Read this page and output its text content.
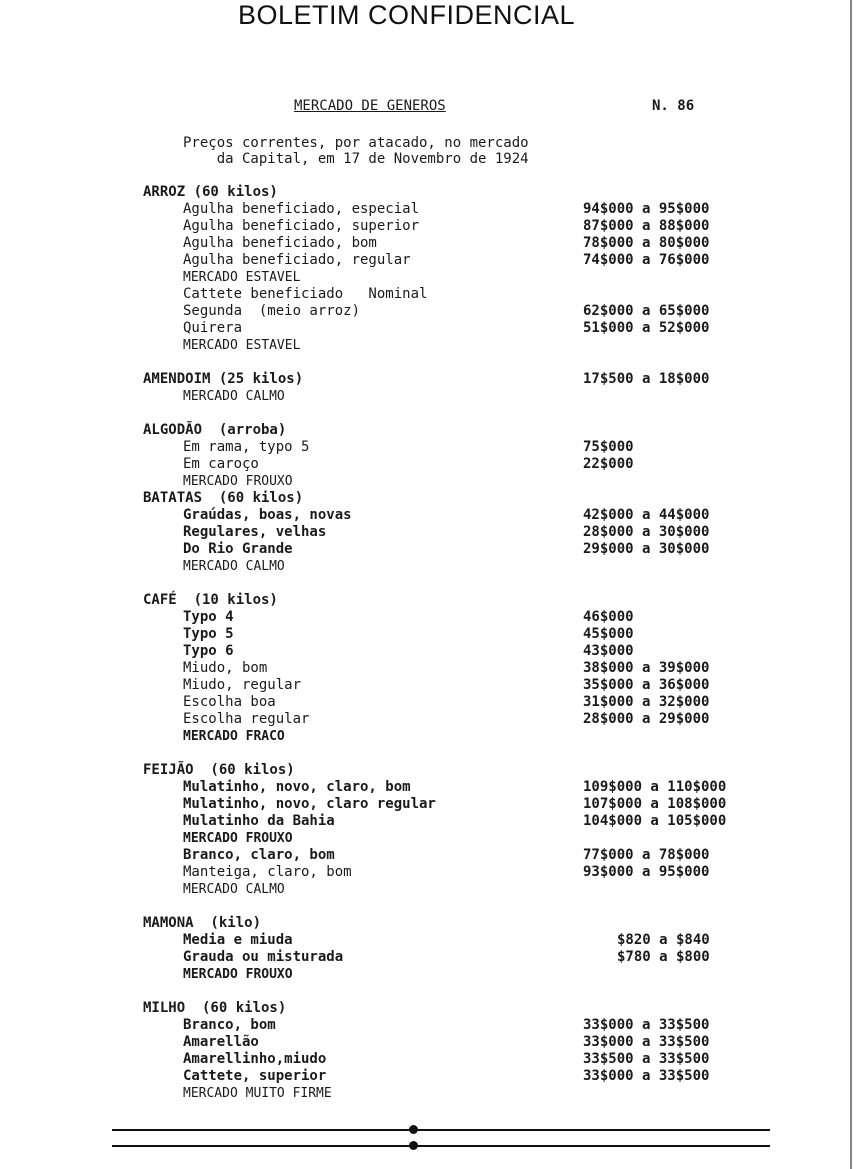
BOLETIM CONFIDENCIAL
MERCADO DE GENEROS	N. 86
Preços correntes, por atacado, no mercado
da Capital, em 17 de Novembro de 1924
ARROZ (60 kilos)
Agulha beneficiado, especial	94$000 a 95$000
Agulha beneficiado, superior	87$000 a 88$000
Agulha beneficiado, bom	78$000 a 80$000
Agulha beneficiado, regular	74$000 a 76$000
MERCADO ESTAVEL
Cattete beneficiado   Nominal
Segunda  (meio arroz)	62$000 a 65$000
Quirera	51$000 a 52$000
MERCADO ESTAVEL
AMENDOIM (25 kilos)	17$500 a 18$000
MERCADO CALMO
ALGODÃO  (arroba)
Em rama, typo 5	75$000
Em caroço	22$000
MERCADO FROUXO
BATATAS  (60 kilos)
Graúdas, boas, novas	42$000 a 44$000
Regulares, velhas	28$000 a 30$000
Do Rio Grande	29$000 a 30$000
MERCADO CALMO
CAFÉ  (10 kilos)
Typo 4	46$000
Typo 5	45$000
Typo 6	43$000
Miudo, bom	38$000 a 39$000
Miudo, regular	35$000 a 36$000
Escolha boa	31$000 a 32$000
Escolha regular	28$000 a 29$000
MERCADO FRACO
FEIJÃO  (60 kilos)
Mulatinho, novo, claro, bom	109$000 a 110$000
Mulatinho, novo, claro regular	107$000 a 108$000
Mulatinho da Bahia	104$000 a 105$000
MERCADO FROUXO
Branco, claro, bom	77$000 a 78$000
Manteiga, claro, bom	93$000 a 95$000
MERCADO CALMO
MAMONA  (kilo)
Media e miuda	$820 a $840
Grauda ou misturada	$780 a $800
MERCADO FROUXO
MILHO  (60 kilos)
Branco, bom	33$000 a 33$500
Amarellão	33$000 a 33$500
Amarellinho,miudo	33$500 a 33$500
Cattete, superior	33$000 a 33$500
MERCADO MUITO FIRME
